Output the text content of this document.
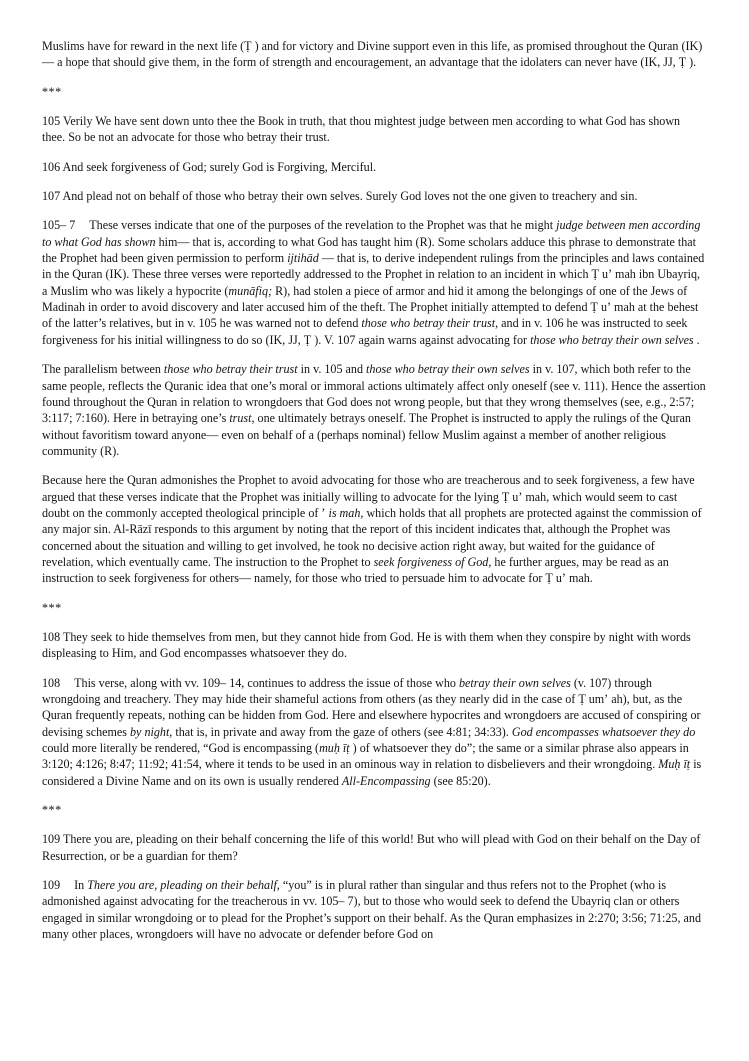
Muslims have for reward in the next life (Ṭ ) and for victory and Divine support even in this life, as promised throughout the Quran (IK)— a hope that should give them, in the form of strength and encouragement, an advantage that the idolaters can never have (IK, JJ, Ṭ ).

***

105 Verily We have sent down unto thee the Book in truth, that thou mightest judge between men according to what God has shown thee. So be not an advocate for those who betray their trust.

106 And seek forgiveness of God; surely God is Forgiving, Merciful.

107 And plead not on behalf of those who betray their own selves. Surely God loves not the one given to treachery and sin.

105– 7   These verses indicate that one of the purposes of the revelation to the Prophet was that he might judge between men according to what God has shown him— that is, according to what God has taught him (R). Some scholars adduce this phrase to demonstrate that the Prophet had been given permission to perform ijtihād — that is, to derive independent rulings from the principles and laws contained in the Quran (IK). These three verses were reportedly addressed to the Prophet in relation to an incident in which Ṭ uʼ mah ibn Ubayriq, a Muslim who was likely a hypocrite (munāfiq; R), had stolen a piece of armor and hid it among the belongings of one of the Jews of Madinah in order to avoid discovery and later accused him of the theft. The Prophet initially attempted to defend Ṭ uʼ mah at the behest of the latter’s relatives, but in v. 105 he was warned not to defend those who betray their trust, and in v. 106 he was instructed to seek forgiveness for his initial willingness to do so (IK, JJ, Ṭ ). V. 107 again warns against advocating for those who betray their own selves .

The parallelism between those who betray their trust in v. 105 and those who betray their own selves in v. 107, which both refer to the same people, reflects the Quranic idea that one’s moral or immoral actions ultimately affect only oneself (see v. 111). Hence the assertion found throughout the Quran in relation to wrongdoers that God does not wrong people, but that they wrong themselves (see, e.g., 2:57; 3:117; 7:160). Here in betraying one’s trust, one ultimately betrays oneself. The Prophet is instructed to apply the rulings of the Quran without favoritism toward anyone— even on behalf of a (perhaps nominal) fellow Muslim against a member of another religious community (R).

Because here the Quran admonishes the Prophet to avoid advocating for those who are treacherous and to seek forgiveness, a few have argued that these verses indicate that the Prophet was initially willing to advocate for the lying Ṭ uʼ mah, which would seem to cast doubt on the commonly accepted theological principle of ʼ is mah, which holds that all prophets are protected against the commission of any major sin. Al-Rāzī responds to this argument by noting that the report of this incident indicates that, although the Prophet was concerned about the situation and willing to get involved, he took no decisive action right away, but waited for the guidance of revelation, which eventually came. The instruction to the Prophet to seek forgiveness of God, he further argues, may be read as an instruction to seek forgiveness for others— namely, for those who tried to persuade him to advocate for Ṭ uʼ mah.

***

108 They seek to hide themselves from men, but they cannot hide from God. He is with them when they conspire by night with words displeasing to Him, and God encompasses whatsoever they do.

108   This verse, along with vv. 109– 14, continues to address the issue of those who betray their own selves (v. 107) through wrongdoing and treachery. They may hide their shameful actions from others (as they nearly did in the case of Ṭ umʼ ah), but, as the Quran frequently repeats, nothing can be hidden from God. Here and elsewhere hypocrites and wrongdoers are accused of conspiring or devising schemes by night, that is, in private and away from the gaze of others (see 4:81; 34:33). God encompasses whatsoever they do could more literally be rendered, “God is encompassing (muḥ īṭ ) of whatsoever they do”; the same or a similar phrase also appears in 3:120; 4:126; 8:47; 11:92; 41:54, where it tends to be used in an ominous way in relation to disbelievers and their wrongdoing. Muḥ īṭ is considered a Divine Name and on its own is usually rendered All-Encompassing (see 85:20).

***

109 There you are, pleading on their behalf concerning the life of this world! But who will plead with God on their behalf on the Day of Resurrection, or be a guardian for them?

109   In There you are, pleading on their behalf, “you” is in plural rather than singular and thus refers not to the Prophet (who is admonished against advocating for the treacherous in vv. 105– 7), but to those who would seek to defend the Ubayriq clan or others engaged in similar wrongdoing or to plead for the Prophet’s support on their behalf. As the Quran emphasizes in 2:270; 3:56; 71:25, and many other places, wrongdoers will have no advocate or defender before God on
